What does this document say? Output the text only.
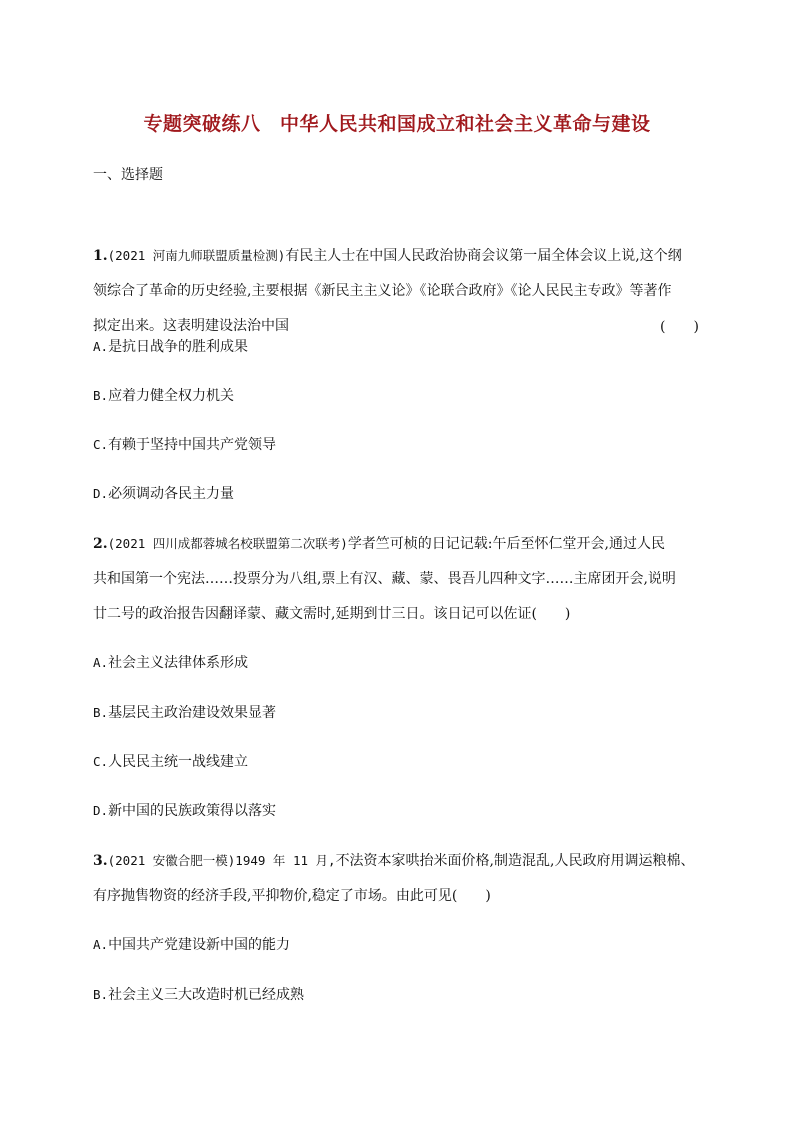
专题突破练八　中华人民共和国成立和社会主义革命与建设
一、选择题
1.(2021 河南九师联盟质量检测)有民主人士在中国人民政治协商会议第一届全体会议上说,这个纲
领综合了革命的历史经验,主要根据《新民主主义论》《论联合政府》《论人民民主专政》等著作
拟定出来。这表明建设法治中国	(　　)
A.是抗日战争的胜利成果
B.应着力健全权力机关
C.有赖于坚持中国共产党领导
D.必须调动各民主力量
2.(2021 四川成都蓉城名校联盟第二次联考)学者竺可桢的日记记载:午后至怀仁堂开会,通过人民
共和国第一个宪法……投票分为八组,票上有汉、藏、蒙、畏吾儿四种文字……主席团开会,说明
廿二号的政治报告因翻译蒙、藏文需时,延期到廿三日。该日记可以佐证(　　)
A.社会主义法律体系形成
B.基层民主政治建设效果显著
C.人民民主统一战线建立
D.新中国的民族政策得以落实
3.(2021 安徽合肥一模)1949 年 11 月,不法资本家哄抬米面价格,制造混乱,人民政府用调运粮棉、
有序抛售物资的经济手段,平抑物价,稳定了市场。由此可见(　　)
A.中国共产党建设新中国的能力
B.社会主义三大改造时机已经成熟
